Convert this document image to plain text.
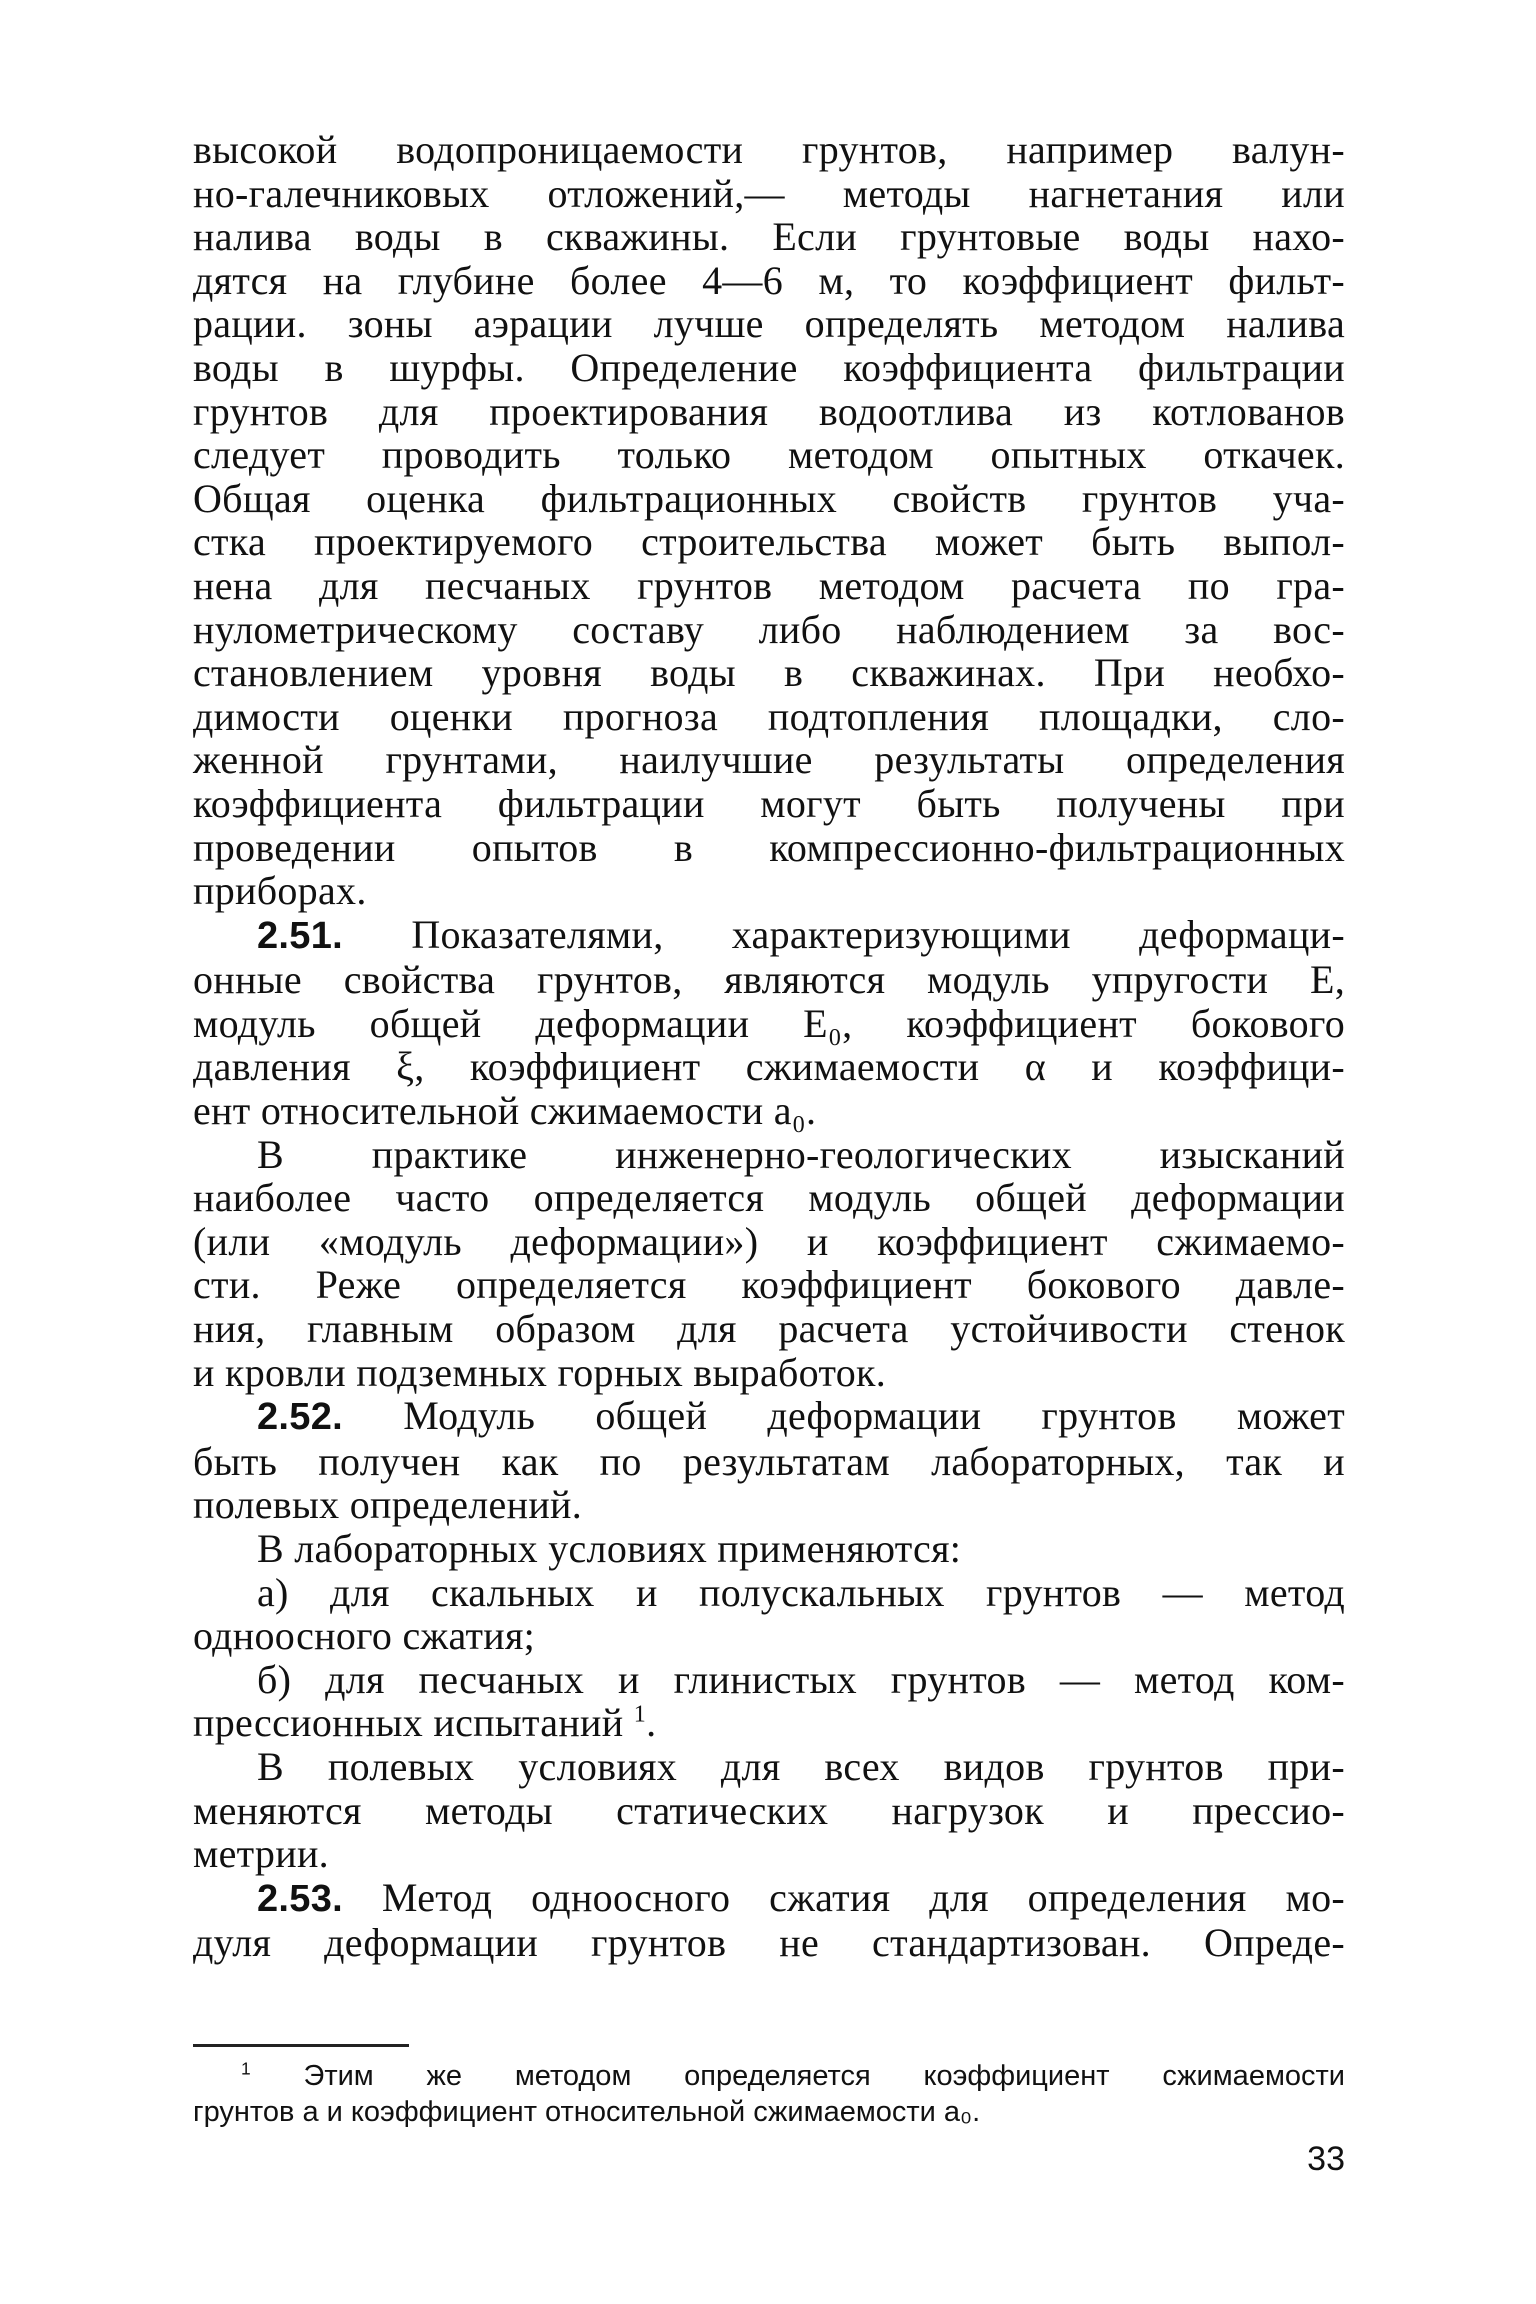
высокой водопроницаемости грунтов, например валун-

но-галечниковых отложений,— методы нагнетания или

налива воды в скважины. Если грунтовые воды нахо-

дятся на глубине более 4—6 м, то коэффициент фильт-

рации. зоны аэрации лучше определять методом налива

воды в шурфы. Определение коэффициента фильтрации

грунтов для проектирования водоотлива из котлованов

следует проводить только методом опытных откачек.

Общая оценка фильтрационных свойств грунтов уча-

стка проектируемого строительства может быть выпол-

нена для песчаных грунтов методом расчета по гра-

нулометрическому составу либо наблюдением за вос-

становлением уровня воды в скважинах. При необхо-

димости оценки прогноза подтопления площадки, сло-

женной грунтами, наилучшие результаты определения

коэффициента фильтрации могут быть получены при

проведении опытов в компрессионно-фильтрационных

приборах.

2.51. Показателями, характеризующими деформаци-

онные свойства грунтов, являются модуль упругости E,

модуль общей деформации E₀, коэффициент бокового

давления ξ, коэффициент сжимаемости α и коэффици-

ент относительной сжимаемости a₀.

В практике инженерно-геологических изысканий

наиболее часто определяется модуль общей деформации

(или «модуль деформации») и коэффициент сжимаемо-

сти. Реже определяется коэффициент бокового давле-

ния, главным образом для расчета устойчивости стенок

и кровли подземных горных выработок.

2.52. Модуль общей деформации грунтов может

быть получен как по результатам лабораторных, так и

полевых определений.

В лабораторных условиях применяются:

а) для скальных и полускальных грунтов — метод

одноосного сжатия;

б) для песчаных и глинистых грунтов — метод ком-

прессионных испытаний $^1$.

В полевых условиях для всех видов грунтов при-

меняются методы статических нагрузок и прессио-

метрии.

2.53. Метод одноосного сжатия для определения мо-

дуля деформации грунтов не стандартизован. Опреде-

$^1$ Этим же методом определяется коэффициент сжимаемости

грунтов a и коэффициент относительной сжимаемости a₀.

33
